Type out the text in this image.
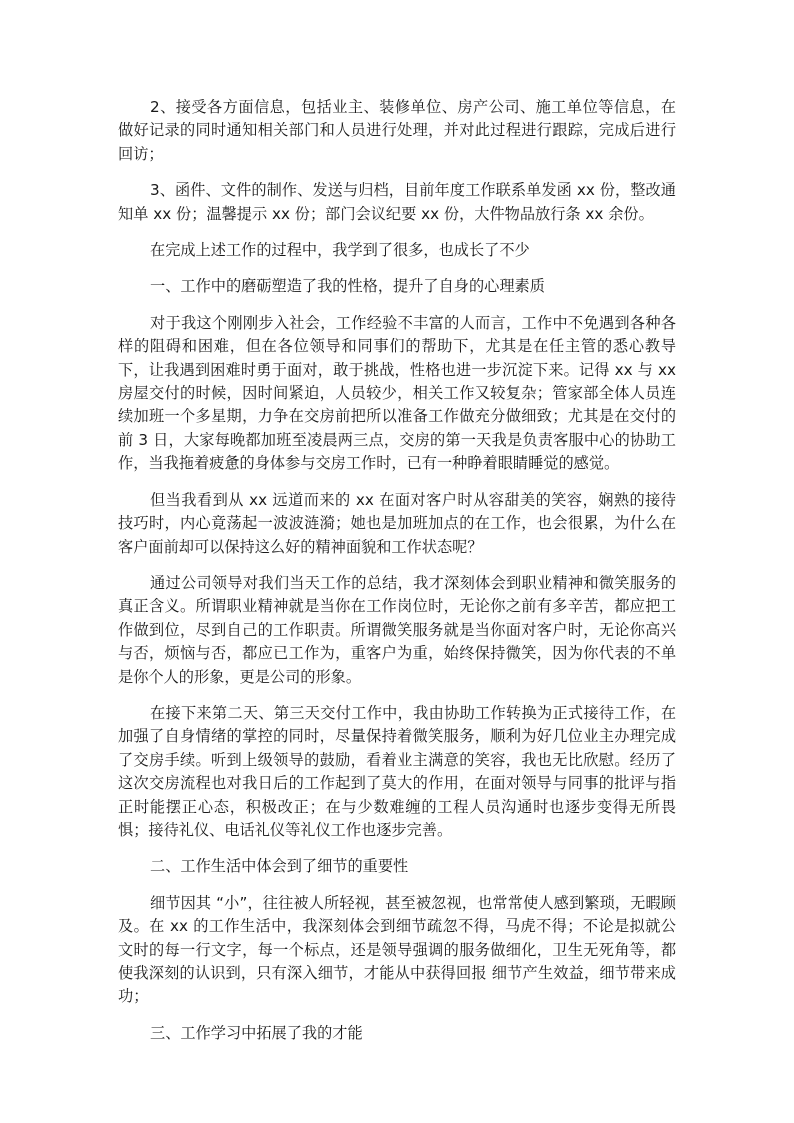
2、接受各方面信息，包括业主、装修单位、房产公司、施工单位等信息，在做好记录的同时通知相关部门和人员进行处理，并对此过程进行跟踪，完成后进行回访；

3、函件、文件的制作、发送与归档，目前年度工作联系单发函 xx 份，整改通知单 xx 份；温馨提示 xx 份；部门会议纪要 xx 份，大件物品放行条 xx 余份。

在完成上述工作的过程中，我学到了很多，也成长了不少

一、工作中的磨砺塑造了我的性格，提升了自身的心理素质

对于我这个刚刚步入社会，工作经验不丰富的人而言，工作中不免遇到各种各样的阻碍和困难，但在各位领导和同事们的帮助下，尤其是在任主管的悉心教导下，让我遇到困难时勇于面对，敢于挑战，性格也进一步沉淀下来。记得 xx 与 xx 房屋交付的时候，因时间紧迫，人员较少，相关工作又较复杂；管家部全体人员连续加班一个多星期，力争在交房前把所以准备工作做充分做细致；尤其是在交付的前 3 日，大家每晚都加班至凌晨两三点，交房的第一天我是负责客服中心的协助工作，当我拖着疲惫的身体参与交房工作时，已有一种睁着眼睛睡觉的感觉。

但当我看到从 xx 远道而来的 xx 在面对客户时从容甜美的笑容，娴熟的接待技巧时，内心竟荡起一波波涟漪；她也是加班加点的在工作，也会很累，为什么在客户面前却可以保持这么好的精神面貌和工作状态呢？

通过公司领导对我们当天工作的总结，我才深刻体会到职业精神和微笑服务的真正含义。所谓职业精神就是当你在工作岗位时，无论你之前有多辛苦，都应把工作做到位，尽到自己的工作职责。所谓微笑服务就是当你面对客户时，无论你高兴与否，烦恼与否，都应已工作为，重客户为重，始终保持微笑，因为你代表的不单是你个人的形象，更是公司的形象。

在接下来第二天、第三天交付工作中，我由协助工作转换为正式接待工作，在加强了自身情绪的掌控的同时，尽量保持着微笑服务，顺利为好几位业主办理完成了交房手续。听到上级领导的鼓励，看着业主满意的笑容，我也无比欣慰。经历了这次交房流程也对我日后的工作起到了莫大的作用，在面对领导与同事的批评与指正时能摆正心态，积极改正；在与少数难缠的工程人员沟通时也逐步变得无所畏惧；接待礼仪、电话礼仪等礼仪工作也逐步完善。

二、工作生活中体会到了细节的重要性

细节因其 “小”，往往被人所轻视，甚至被忽视，也常常使人感到繁琐，无暇顾及。在 xx 的工作生活中，我深刻体会到细节疏忽不得，马虎不得；不论是拟就公文时的每一行文字，每一个标点，还是领导强调的服务做细化，卫生无死角等，都使我深刻的认识到，只有深入细节，才能从中获得回报 细节产生效益，细节带来成功；

三、工作学习中拓展了我的才能
